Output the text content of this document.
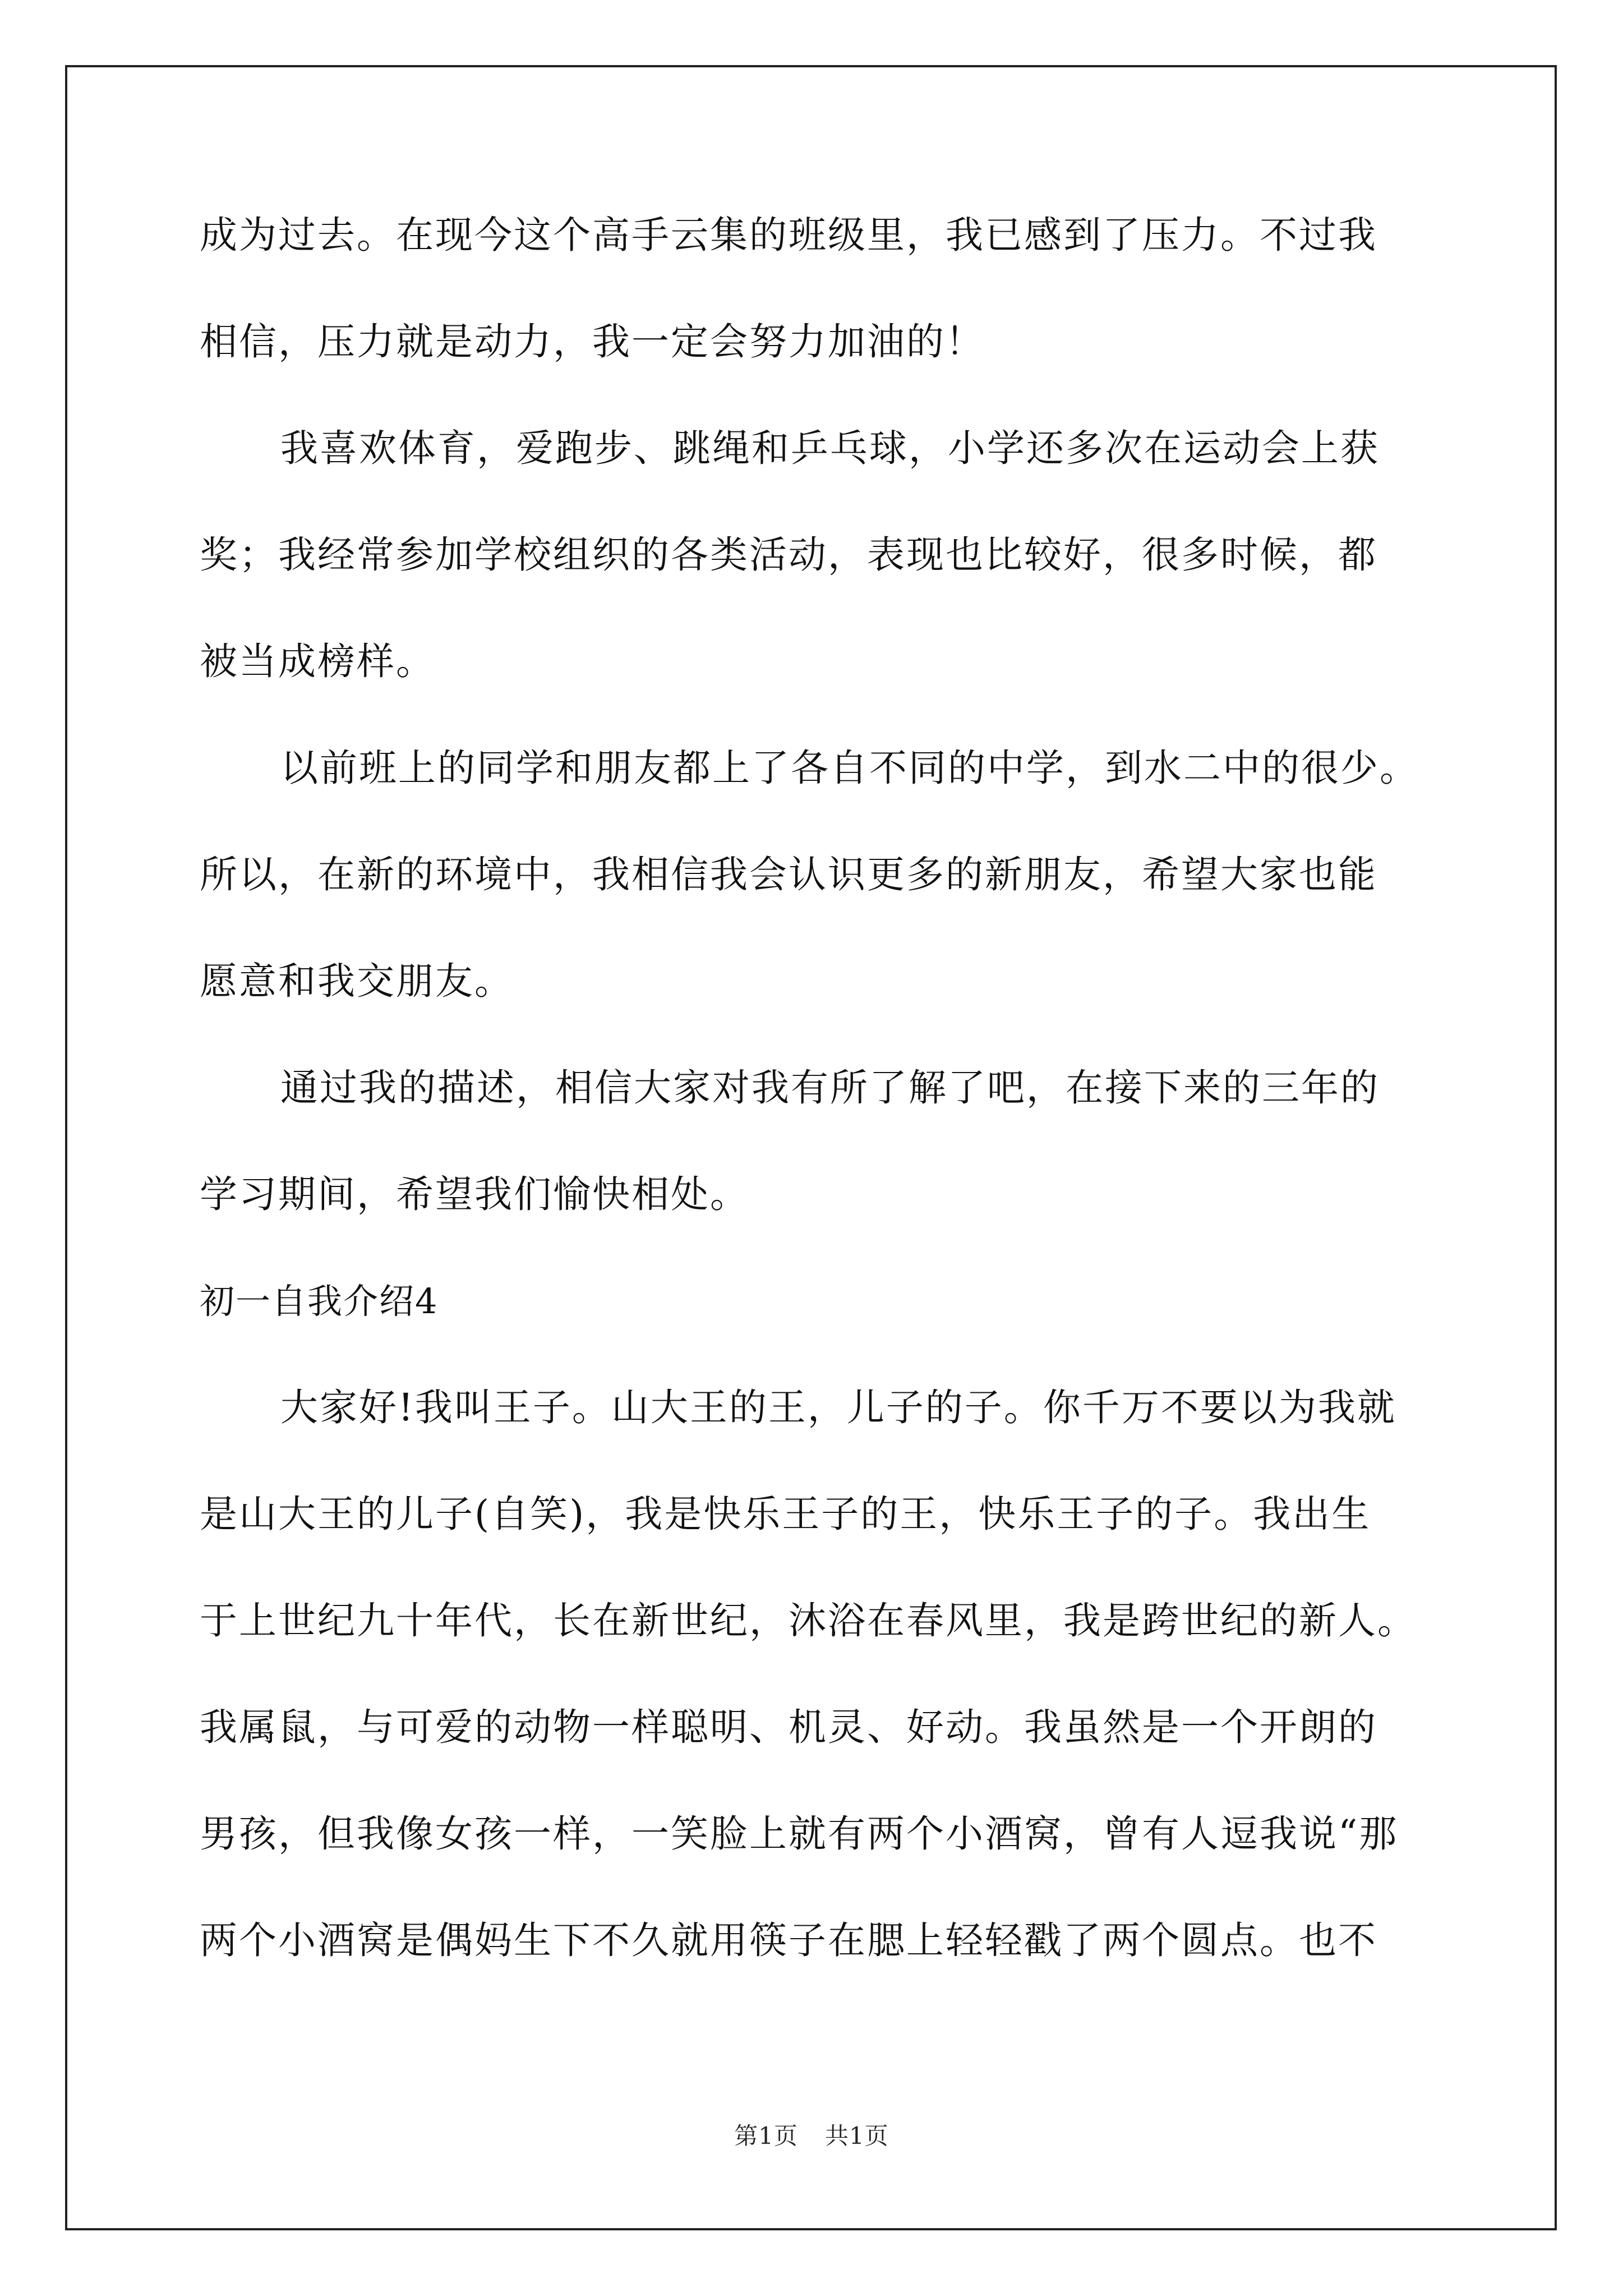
成为过去。在现今这个高手云集的班级里，我已感到了压力。不过我

相信，压力就是动力，我一定会努力加油的！

我喜欢体育，爱跑步、跳绳和乒乓球，小学还多次在运动会上获

奖；我经常参加学校组织的各类活动，表现也比较好，很多时候，都

被当成榜样。

以前班上的同学和朋友都上了各自不同的中学，到水二中的很少。

所以，在新的环境中，我相信我会认识更多的新朋友，希望大家也能

愿意和我交朋友。

通过我的描述，相信大家对我有所了解了吧，在接下来的三年的

学习期间，希望我们愉快相处。

初一自我介绍4

大家好!我叫王子。山大王的王，儿子的子。你千万不要以为我就

是山大王的儿子(自笑)，我是快乐王子的王，快乐王子的子。我出生

于上世纪九十年代，长在新世纪，沐浴在春风里，我是跨世纪的新人。

我属鼠，与可爱的动物一样聪明、机灵、好动。我虽然是一个开朗的

男孩，但我像女孩一样，一笑脸上就有两个小酒窝，曾有人逗我说“那

两个小酒窝是偶妈生下不久就用筷子在腮上轻轻戳了两个圆点。也不

第1页 共1页
